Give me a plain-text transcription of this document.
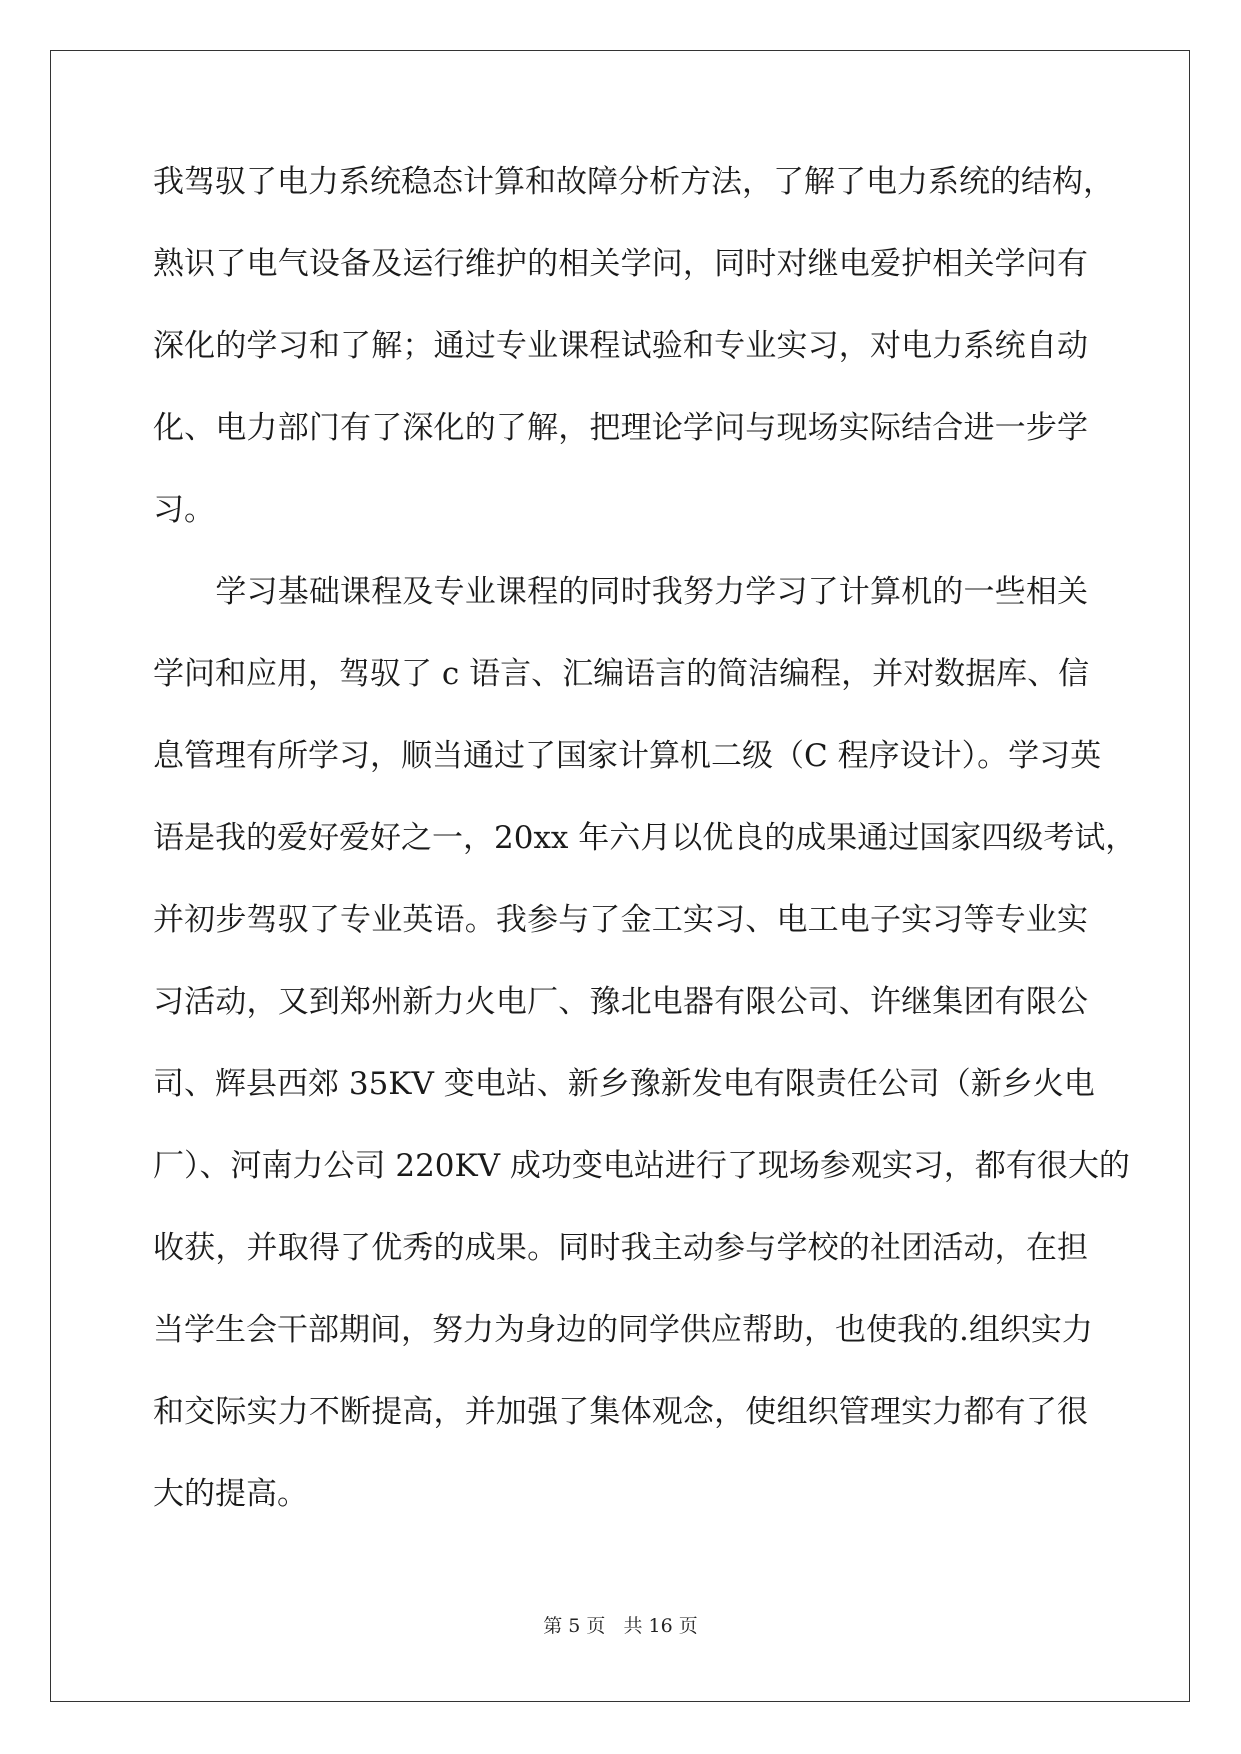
我驾驭了电力系统稳态计算和故障分析方法，了解了电力系统的结构，
熟识了电气设备及运行维护的相关学问，同时对继电爱护相关学问有
深化的学习和了解；通过专业课程试验和专业实习，对电力系统自动
化、电力部门有了深化的了解，把理论学问与现场实际结合进一步学
习。
　　学习基础课程及专业课程的同时我努力学习了计算机的一些相关
学问和应用，驾驭了 c 语言、汇编语言的简洁编程，并对数据库、信
息管理有所学习，顺当通过了国家计算机二级（C 程序设计）。学习英
语是我的爱好爱好之一，20xx 年六月以优良的成果通过国家四级考试，
并初步驾驭了专业英语。我参与了金工实习、电工电子实习等专业实
习活动，又到郑州新力火电厂、豫北电器有限公司、许继集团有限公
司、辉县西郊 35KV 变电站、新乡豫新发电有限责任公司（新乡火电
厂）、河南力公司 220KV 成功变电站进行了现场参观实习，都有很大的
收获，并取得了优秀的成果。同时我主动参与学校的社团活动，在担
当学生会干部期间，努力为身边的同学供应帮助，也使我的.组织实力
和交际实力不断提高，并加强了集体观念，使组织管理实力都有了很
大的提高。
第 5 页 共 16 页
